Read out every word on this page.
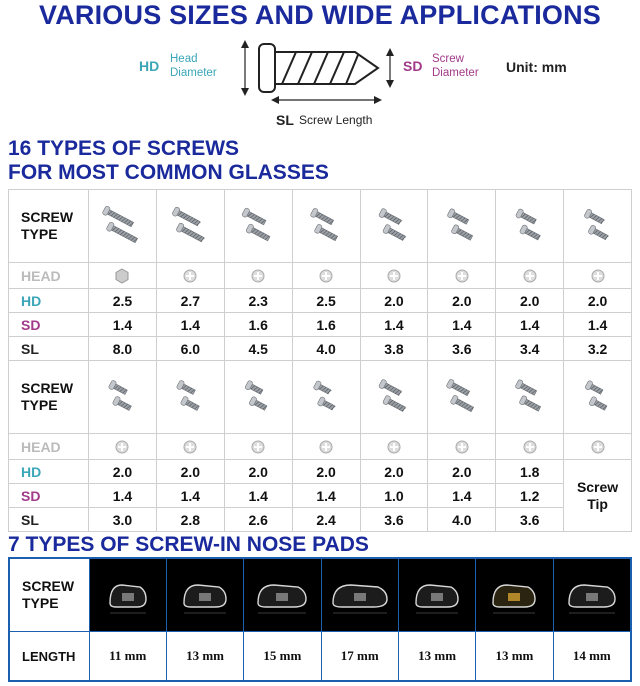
VARIOUS SIZES AND WIDE APPLICATIONS
HD Head
Diameter	SD Screw
Diameter Unit: mm
SL Screw Length
16 TYPES OF SCREWS
FOR MOST COMMON GLASSES
SCREW
TYPE	

HEAD	

HD	2.5	2.7	2.3	2.5	2.0	2.0	2.0	2.0
SD	1.4	1.4	1.6	1.6	1.4	1.4	1.4	1.4
SL	8.0	6.0	4.5	4.0	3.8	3.6	3.4	3.2
SCREW
TYPE	

HEAD	

HD	2.0	2.0	2.0	2.0	2.0	2.0	1.8	Screw
Tip
SD	1.4	1.4	1.4	1.4	1.0	1.4	1.2	
SL	3.0	2.8	2.6	2.4	3.6	4.0	3.6	
7 TYPES OF SCREW-IN NOSE PADS
SCREW
TYPE	

LENGTH	11 mm	13 mm	15 mm	17 mm	13 mm	13 mm	14 mm
